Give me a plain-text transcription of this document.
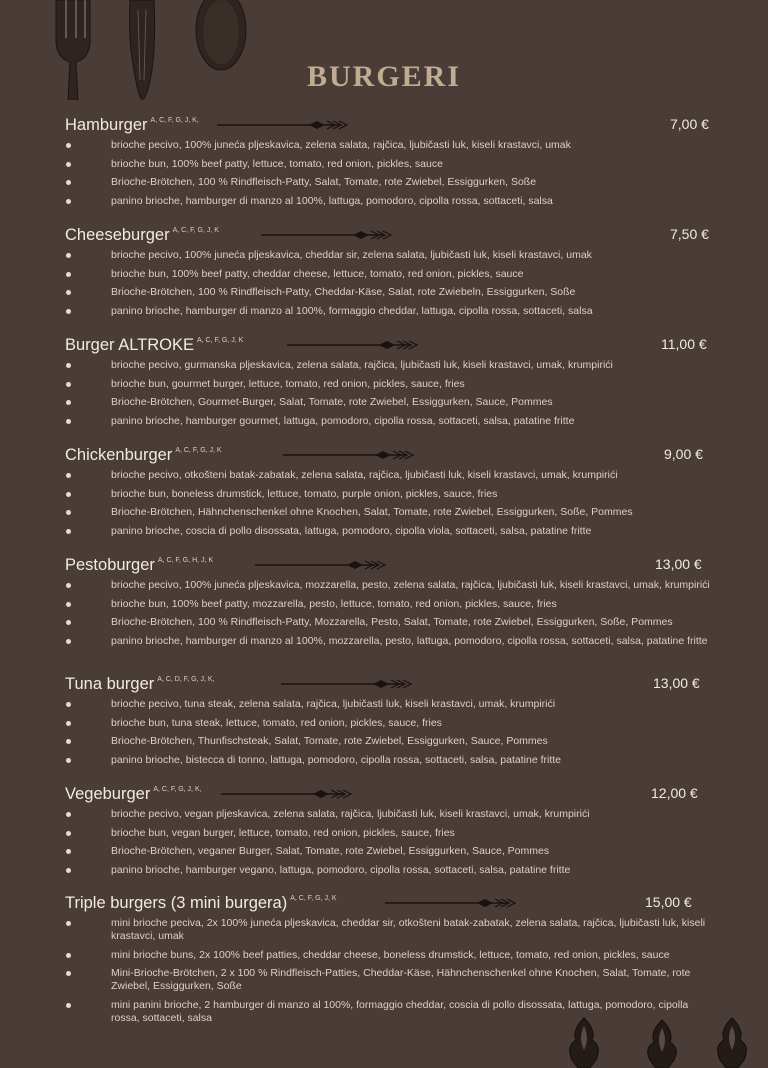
BURGERI
Hamburger $^{A, C, F, G, J, K,}$	7,00 €
brioche pecivo, 100% juneća pljeskavica, zelena salata, rajčica, ljubičasti luk, kiseli krastavci, umak
brioche bun, 100% beef patty, lettuce, tomato, red onion, pickles, sauce
Brioche-Brötchen, 100 % Rindfleisch-Patty, Salat, Tomate, rote Zwiebel, Essiggurken, Soße
panino brioche, hamburger di manzo al 100%, lattuga, pomodoro, cipolla rossa, sottaceti, salsa
Cheeseburger $^{A, C, F, G, J, K}$	7,50 €
brioche pecivo, 100% juneća pljeskavica, cheddar sir, zelena salata, ljubičasti luk, kiseli krastavci, umak
brioche bun, 100% beef patty, cheddar cheese, lettuce, tomato, red onion, pickles, sauce
Brioche-Brötchen, 100 % Rindfleisch-Patty, Cheddar-Käse, Salat, rote Zwiebeln, Essiggurken, Soße
panino brioche, hamburger di manzo al 100%, formaggio cheddar, lattuga, cipolla rossa, sottaceti, salsa
Burger ALTROKE $^{A, C, F, G, J, K}$	11,00 €
brioche pecivo, gurmanska pljeskavica, zelena salata, rajčica, ljubičasti luk, kiseli krastavci, umak, krumpirići
brioche bun, gourmet burger, lettuce, tomato, red onion, pickles, sauce, fries
Brioche-Brötchen, Gourmet-Burger, Salat, Tomate, rote Zwiebel, Essiggurken, Sauce, Pommes
panino brioche, hamburger gourmet, lattuga, pomodoro, cipolla rossa, sottaceti, salsa, patatine fritte
Chickenburger $^{A, C, F, G, J, K}$	9,00 €
brioche pecivo, otkošteni batak-zabatak, zelena salata, rajčica, ljubičasti luk, kiseli krastavci, umak, krumpirići
brioche bun, boneless drumstick, lettuce, tomato, purple onion, pickles, sauce, fries
Brioche-Brötchen, Hähnchenschenkel ohne Knochen, Salat, Tomate, rote Zwiebel, Essiggurken, Soße, Pommes
panino brioche, coscia di pollo disossata, lattuga, pomodoro, cipolla viola, sottaceti, salsa, patatine fritte
Pestoburger $^{A, C, F, G, H, J, K}$	13,00 €
brioche pecivo, 100% juneća pljeskavica, mozzarella, pesto, zelena salata, rajčica, ljubičasti luk, kiseli krastavci, umak, krumpirići
brioche bun, 100% beef patty, mozzarella, pesto, lettuce, tomato, red onion, pickles, sauce, fries
Brioche-Brötchen, 100 % Rindfleisch-Patty, Mozzarella, Pesto, Salat, Tomate, rote Zwiebel, Essiggurken, Soße, Pommes
panino brioche, hamburger di manzo al 100%, mozzarella, pesto, lattuga, pomodoro, cipolla rossa, sottaceti, salsa, patatine fritte
Tuna burger $^{A, C, D, F, G, J, K,}$	13,00 €
brioche pecivo, tuna steak, zelena salata, rajčica, ljubičasti luk, kiseli krastavci, umak, krumpirići
brioche bun, tuna steak, lettuce, tomato, red onion, pickles, sauce, fries
Brioche-Brötchen, Thunfischsteak, Salat, Tomate, rote Zwiebel, Essiggurken, Sauce, Pommes
panino brioche, bistecca di tonno, lattuga, pomodoro, cipolla rossa, sottaceti, salsa, patatine fritte
Vegeburger $^{A, C, F, G, J, K,}$	12,00 €
brioche pecivo, vegan pljeskavica, zelena salata, rajčica, ljubičasti luk, kiseli krastavci, umak, krumpirići
brioche bun, vegan burger, lettuce, tomato, red onion, pickles, sauce, fries
Brioche-Brötchen, veganer Burger, Salat, Tomate, rote Zwiebel, Essiggurken, Sauce, Pommes
panino brioche, hamburger vegano, lattuga, pomodoro, cipolla rossa, sottaceti, salsa, patatine fritte
Triple burgers (3 mini burgera) $^{A, C, F, G, J, K}$	15,00 €
mini brioche peciva, 2x 100% juneća pljeskavica, cheddar sir, otkošteni batak-zabatak, zelena salata, rajčica, ljubičasti luk, kiseli krastavci, umak
mini brioche buns, 2x 100% beef patties, cheddar cheese, boneless drumstick, lettuce, tomato, red onion, pickles, sauce
Mini-Brioche-Brötchen, 2 x 100 % Rindfleisch-Patties, Cheddar-Käse, Hähnchenschenkel ohne Knochen, Salat, Tomate, rote Zwiebel, Essiggurken, Soße
mini panini brioche, 2 hamburger di manzo al 100%, formaggio cheddar, coscia di pollo disossata, lattuga, pomodoro, cipolla rossa, sottaceti, salsa
